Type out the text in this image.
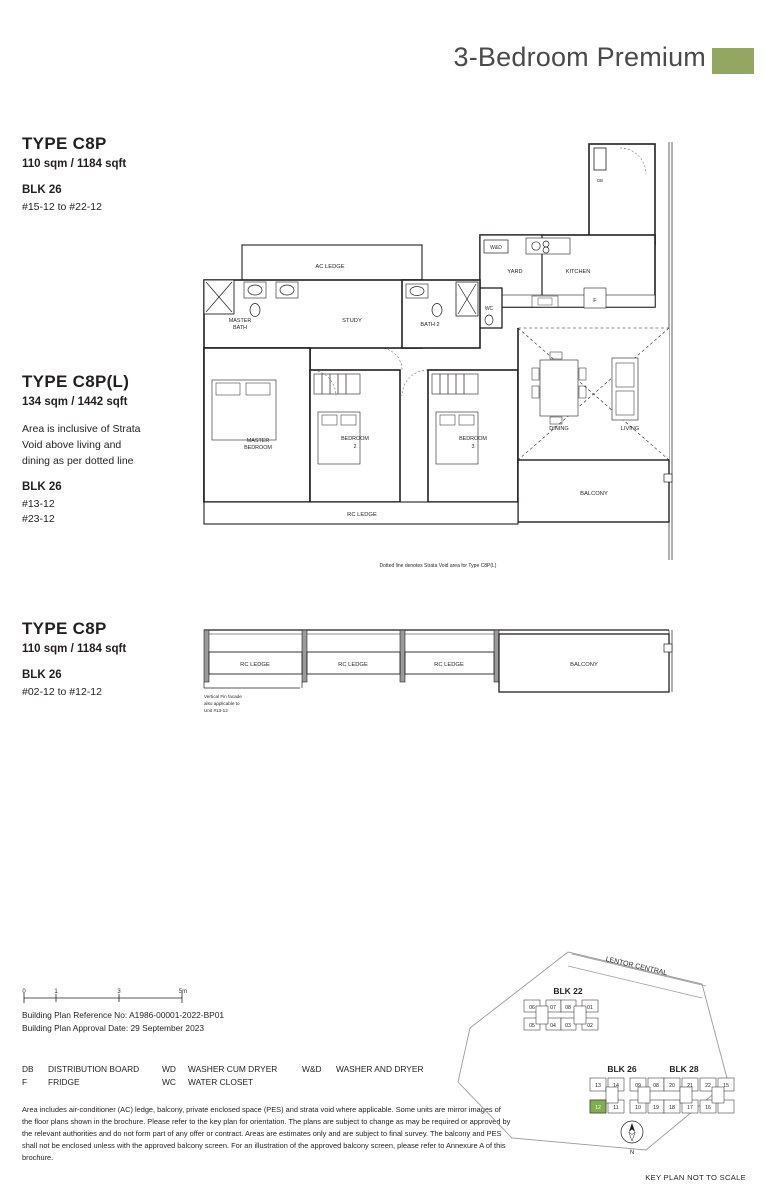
3-Bedroom Premium
TYPE C8P
110 sqm / 1184 sqft
BLK 26
#15-12 to #22-12
TYPE C8P(L)
134 sqm / 1442 sqft
Area is inclusive of Strata Void above living and dining as per dotted line
BLK 26
#13-12
#23-12
TYPE C8P
110 sqm / 1184 sqft
BLK 26
#02-12 to #12-12
DB
W&D
YARD	KITCHEN
F
WC
AC LEDGE
MASTER
BATH
STUDY
BATH 2
MASTER
BEDROOM
BEDROOM
2
BEDROOM
3
DINING	LIVING
BALCONY
RC LEDGE
Dotted line denotes Strata Void area for Type C8P(L)
RC LEDGE	RC LEDGE	RC LEDGE	BALCONY
Vertical Fin facade
also applicable to
Unit #13-12
0	1	3	5m
Building Plan Reference No: A1986-00001-2022-BP01
Building Plan Approval Date: 29 September 2023
DB	DISTRIBUTION BOARD	WD	WASHER CUM DRYER	W&D	WASHER AND DRYER
F	FRIDGE	WC	WATER CLOSET
Area includes air-conditioner (AC) ledge, balcony, private enclosed space (PES) and strata void where applicable. Some units are mirror images of the floor plans shown in the brochure. Please refer to the key plan for orientation. The plans are subject to change as may be required or approved by the relevant authorities and do not form part of any offer or contract. Areas are estimates only and are subject to final survey. The balcony and PES shall not be enclosed unless with the approved balcony screen. For an illustration of the approved balcony screen, please refer to Annexure A of this brochure.
LENTOR CENTRAL
BLK 22
06	07 08	01
05	04 03	02
BLK 26	BLK 28
13 14	09 08
12 11	10 19
20 21 22 15
18 17 16
N
KEY PLAN NOT TO SCALE
